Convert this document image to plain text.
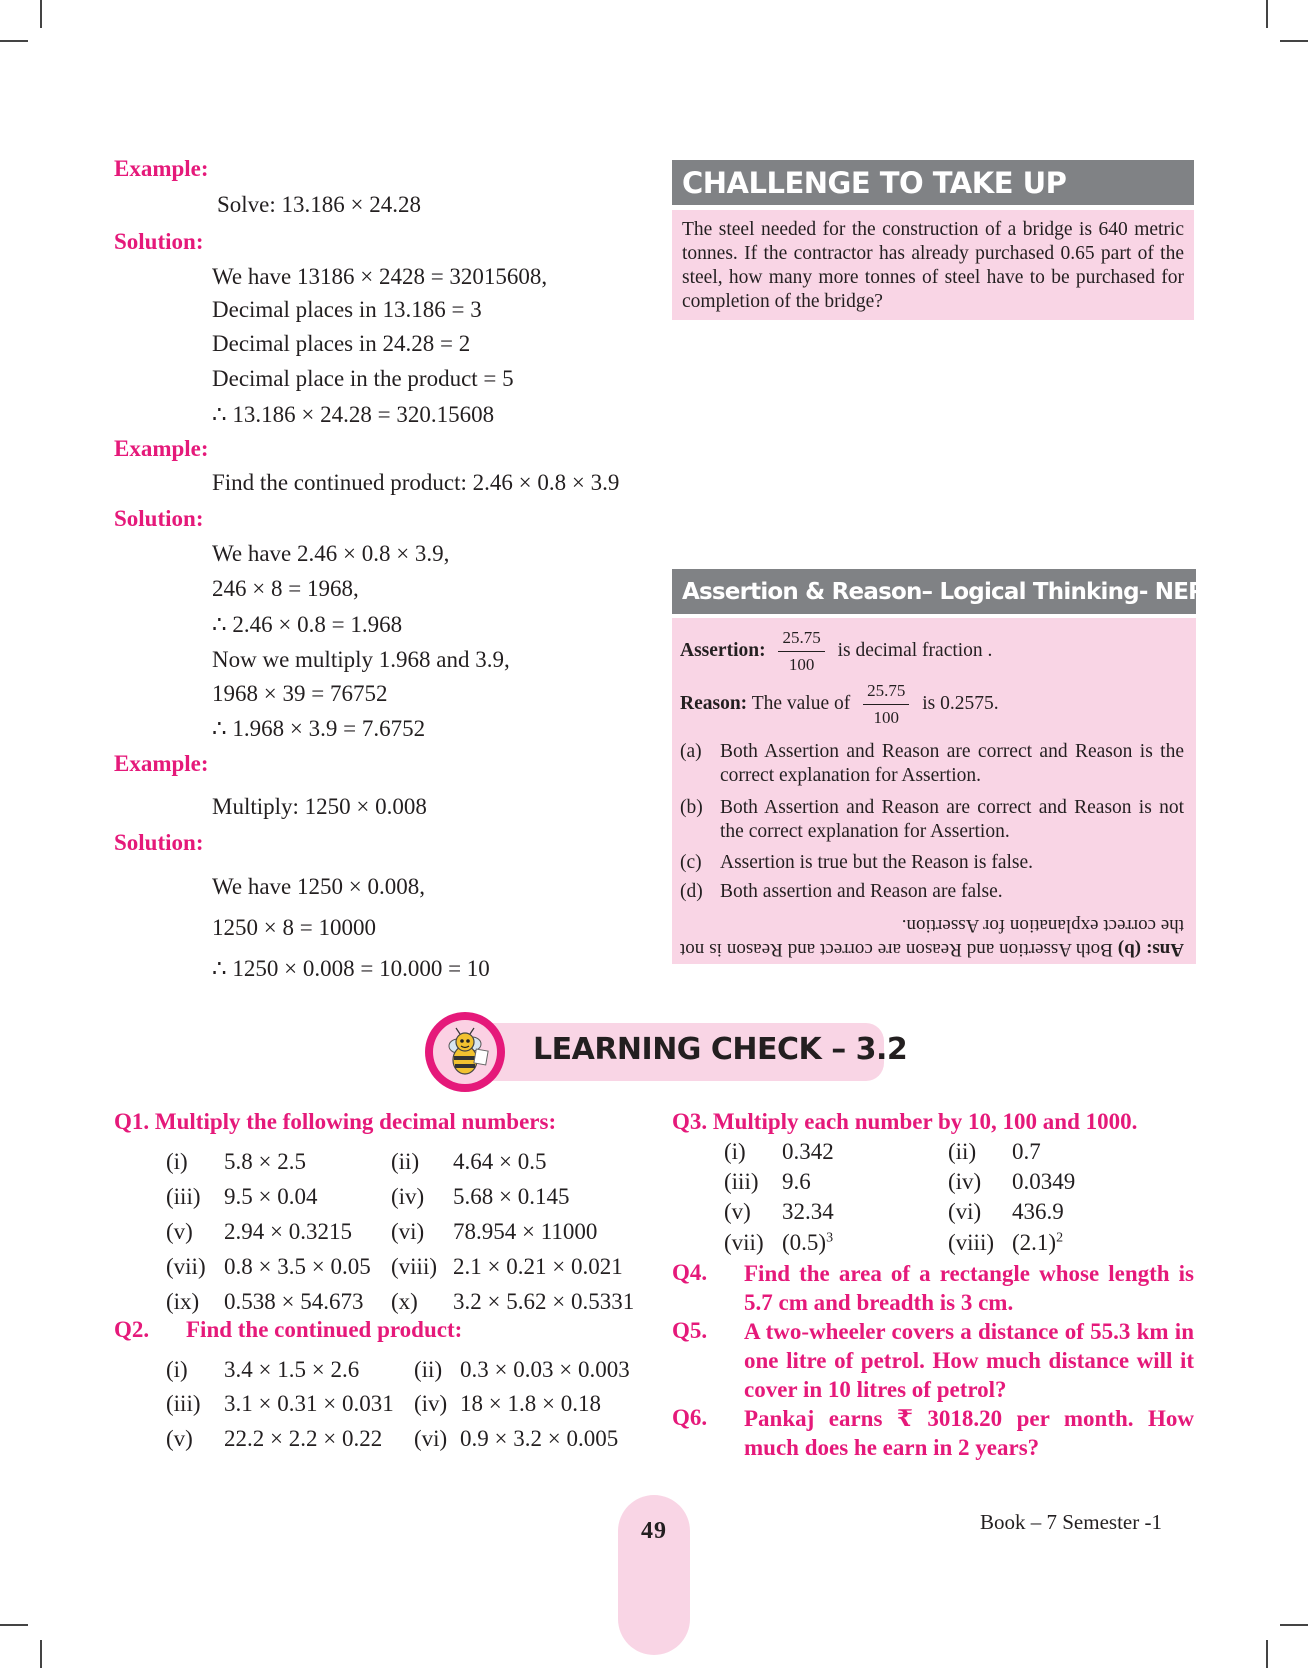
Example:
Solve: 13.186 × 24.28
Solution:
We have 13186 × 2428 = 32015608,
Decimal places in 13.186 = 3
Decimal places in 24.28 = 2
Decimal place in the product = 5
∴ 13.186 × 24.28 = 320.15608
Example:
Find the continued product: 2.46 × 0.8 × 3.9
Solution:
We have 2.46 × 0.8 × 3.9,
246 × 8 = 1968,
∴ 2.46 × 0.8 = 1.968
Now we multiply 1.968 and 3.9,
1968 × 39 = 76752
∴ 1.968 × 3.9 = 7.6752
Example:
Multiply: 1250 × 0.008
Solution:
We have 1250 × 0.008,
1250 × 8 = 10000
∴ 1250 × 0.008 = 10.000 = 10
CHALLENGE TO TAKE UP
The steel needed for the construction of a bridge is 640 metric tonnes. If the contractor has already purchased 0.65 part of the steel, how many more tonnes of steel have to be purchased for completion of the bridge?
Assertion & Reason– Logical Thinking- NEP 2020
Assertion: $\frac{25.75}{100}$ is decimal fraction .
Reason: The value of $\frac{25.75}{100}$ is 0.2575.
(a) Both Assertion and Reason are correct and Reason is the correct explanation for Assertion.
(b) Both Assertion and Reason are correct and Reason is not the correct explanation for Assertion.
(c) Assertion is true but the Reason is false.
(d) Both assertion and Reason are false.
Ans: (b) Both Assertion and Reason are correct and Reason is not the correct explanation for Assertion.
LEARNING CHECK – 3.2
Q1. Multiply the following decimal numbers:
(i) 5.8 × 2.5	(ii) 4.64 × 0.5
(iii) 9.5 × 0.04	(iv) 5.68 × 0.145
(v) 2.94 × 0.3215 (vi) 78.954 × 11000
(vii) 0.8 × 3.5 × 0.05 (viii) 2.1 × 0.21 × 0.021
(ix) 0.538 × 54.673 (x) 3.2 × 5.62 × 0.5331
Q2. Find the continued product:
(i) 3.4 × 1.5 × 2.6 (ii) 0.3 × 0.03 × 0.003
(iii) 3.1 × 0.31 × 0.031 (iv) 18 × 1.8 × 0.18
(v) 22.2 × 2.2 × 0.22 (vi) 0.9 × 3.2 × 0.005
Q3. Multiply each number by 10, 100 and 1000.
(i) 0.342	(ii) 0.7
(iii) 9.6	(iv) 0.0349
(v) 32.34	(vi) 436.9
(vii) $(0.5)^3$	(viii) $(2.1)^2$
Q4. Find the area of a rectangle whose length is 5.7 cm and breadth is 3 cm.
Q5. A two-wheeler covers a distance of 55.3 km in one litre of petrol. How much distance will it cover in 10 litres of petrol?
Q6. Pankaj earns ₹ 3018.20 per month. How much does he earn in 2 years?
49	Book – 7 Semester -1
